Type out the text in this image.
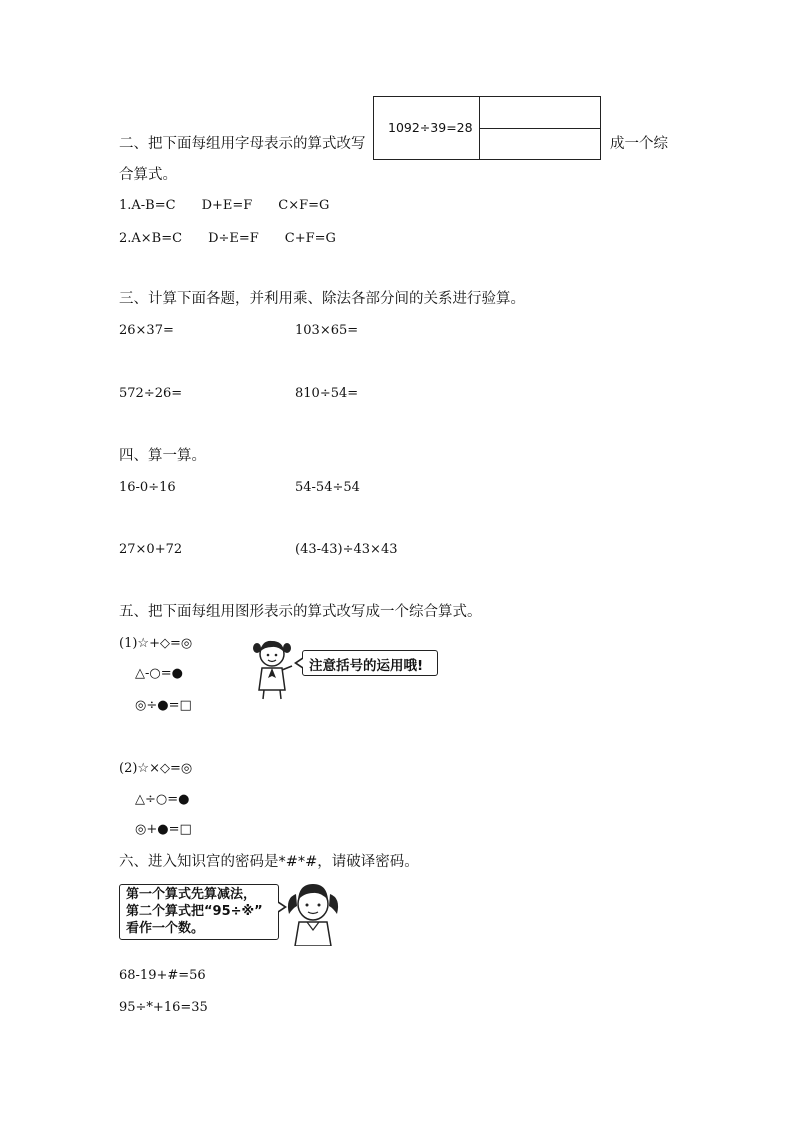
二、把下面每组用字母表示的算式改写
1092÷39=28
成一个综
合算式。
1.A-B=C　　D+E=F　　C×F=G
2.A×B=C　　D÷E=F　　C+F=G
三、计算下面各题，并利用乘、除法各部分间的关系进行验算。
26×37=	103×65=
572÷26=	810÷54=
四、算一算。
16-0÷16	54-54÷54
27×0+72	(43-43)÷43×43
五、把下面每组用图形表示的算式改写成一个综合算式。
(1)☆+◇=◎
△-○=●
◎÷●=□
注意括号的运用哦!
(2)☆×◇=◎
△÷○=●
◎+●=□
六、进入知识宫的密码是*#*#，请破译密码。
第一个算式先算减法，
第二个算式把“95÷※”
看作一个数。
68-19+#=56
95÷*+16=35
